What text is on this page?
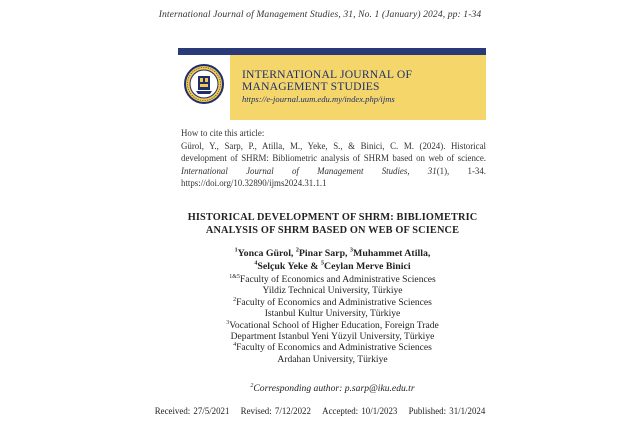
International Journal of Management Studies, 31, No. 1 (January) 2024, pp: 1-34
INTERNATIONAL JOURNAL OF
MANAGEMENT STUDIES
https://e-journal.uum.edu.my/index.php/ijms

How to cite this article:

Gürol, Y., Sarp, P., Atilla, M., Yeke, S., & Binici, C. M. (2024). Historical development of SHRM: Bibliometric analysis of SHRM based on web of science. International Journal of Management Studies, 31(1), 1-34. https://doi.org/10.32890/ijms2024.31.1.1

HISTORICAL DEVELOPMENT OF SHRM: BIBLIOMETRIC
ANALYSIS OF SHRM BASED ON WEB OF SCIENCE
$^1$Yonca Gürol, $^2$Pinar Sarp, $^3$Muhammet Atilla,
$^4$Selçuk Yeke & $^5$Ceylan Merve Binici
$^{1\&5}$Faculty of Economics and Administrative Sciences
Yildiz Technical University, Türkiye
$^2$Faculty of Economics and Administrative Sciences
Istanbul Kultur University, Türkiye
$^3$Vocational School of Higher Education, Foreign Trade
Department Istanbul Yeni Yüzyil University, Türkiye
$^4$Faculty of Economics and Administrative Sciences
Ardahan University, Türkiye
$^2$Corresponding author: p.sarp@iku.edu.tr
Received: 27/5/2021 Revised: 7/12/2022 Accepted: 10/1/2023 Published: 31/1/2024
